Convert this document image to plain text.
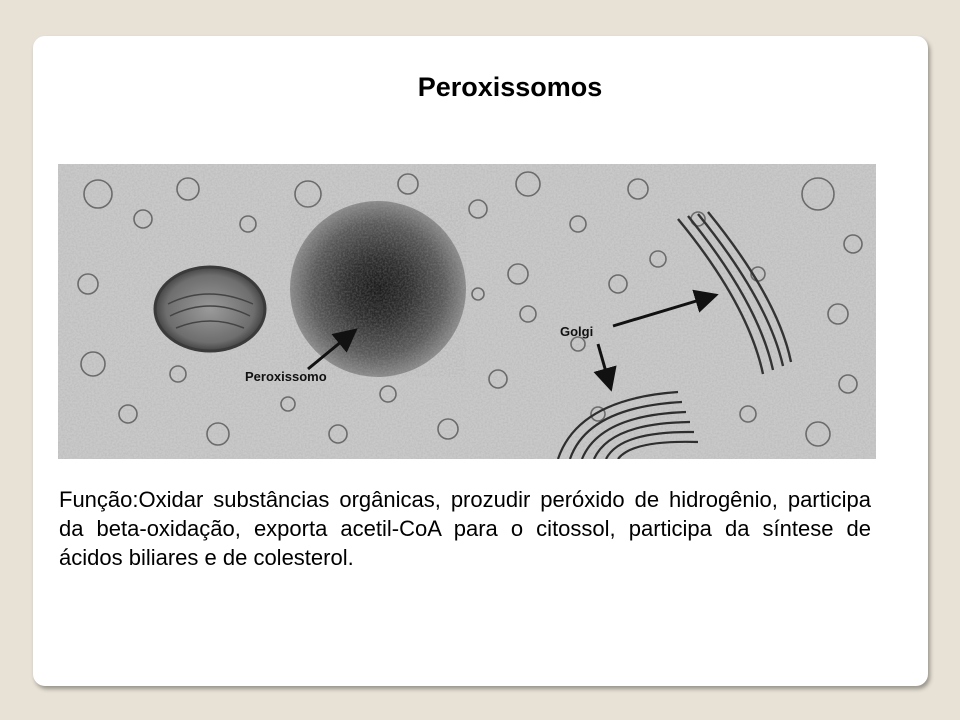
Peroxissomos
Peroxissomo
Golgi
Função:Oxidar substâncias orgânicas, prozudir peróxido de hidrogênio, participa da beta-oxidação, exporta acetil-CoA para o citossol, participa da síntese de ácidos biliares e de colesterol.
